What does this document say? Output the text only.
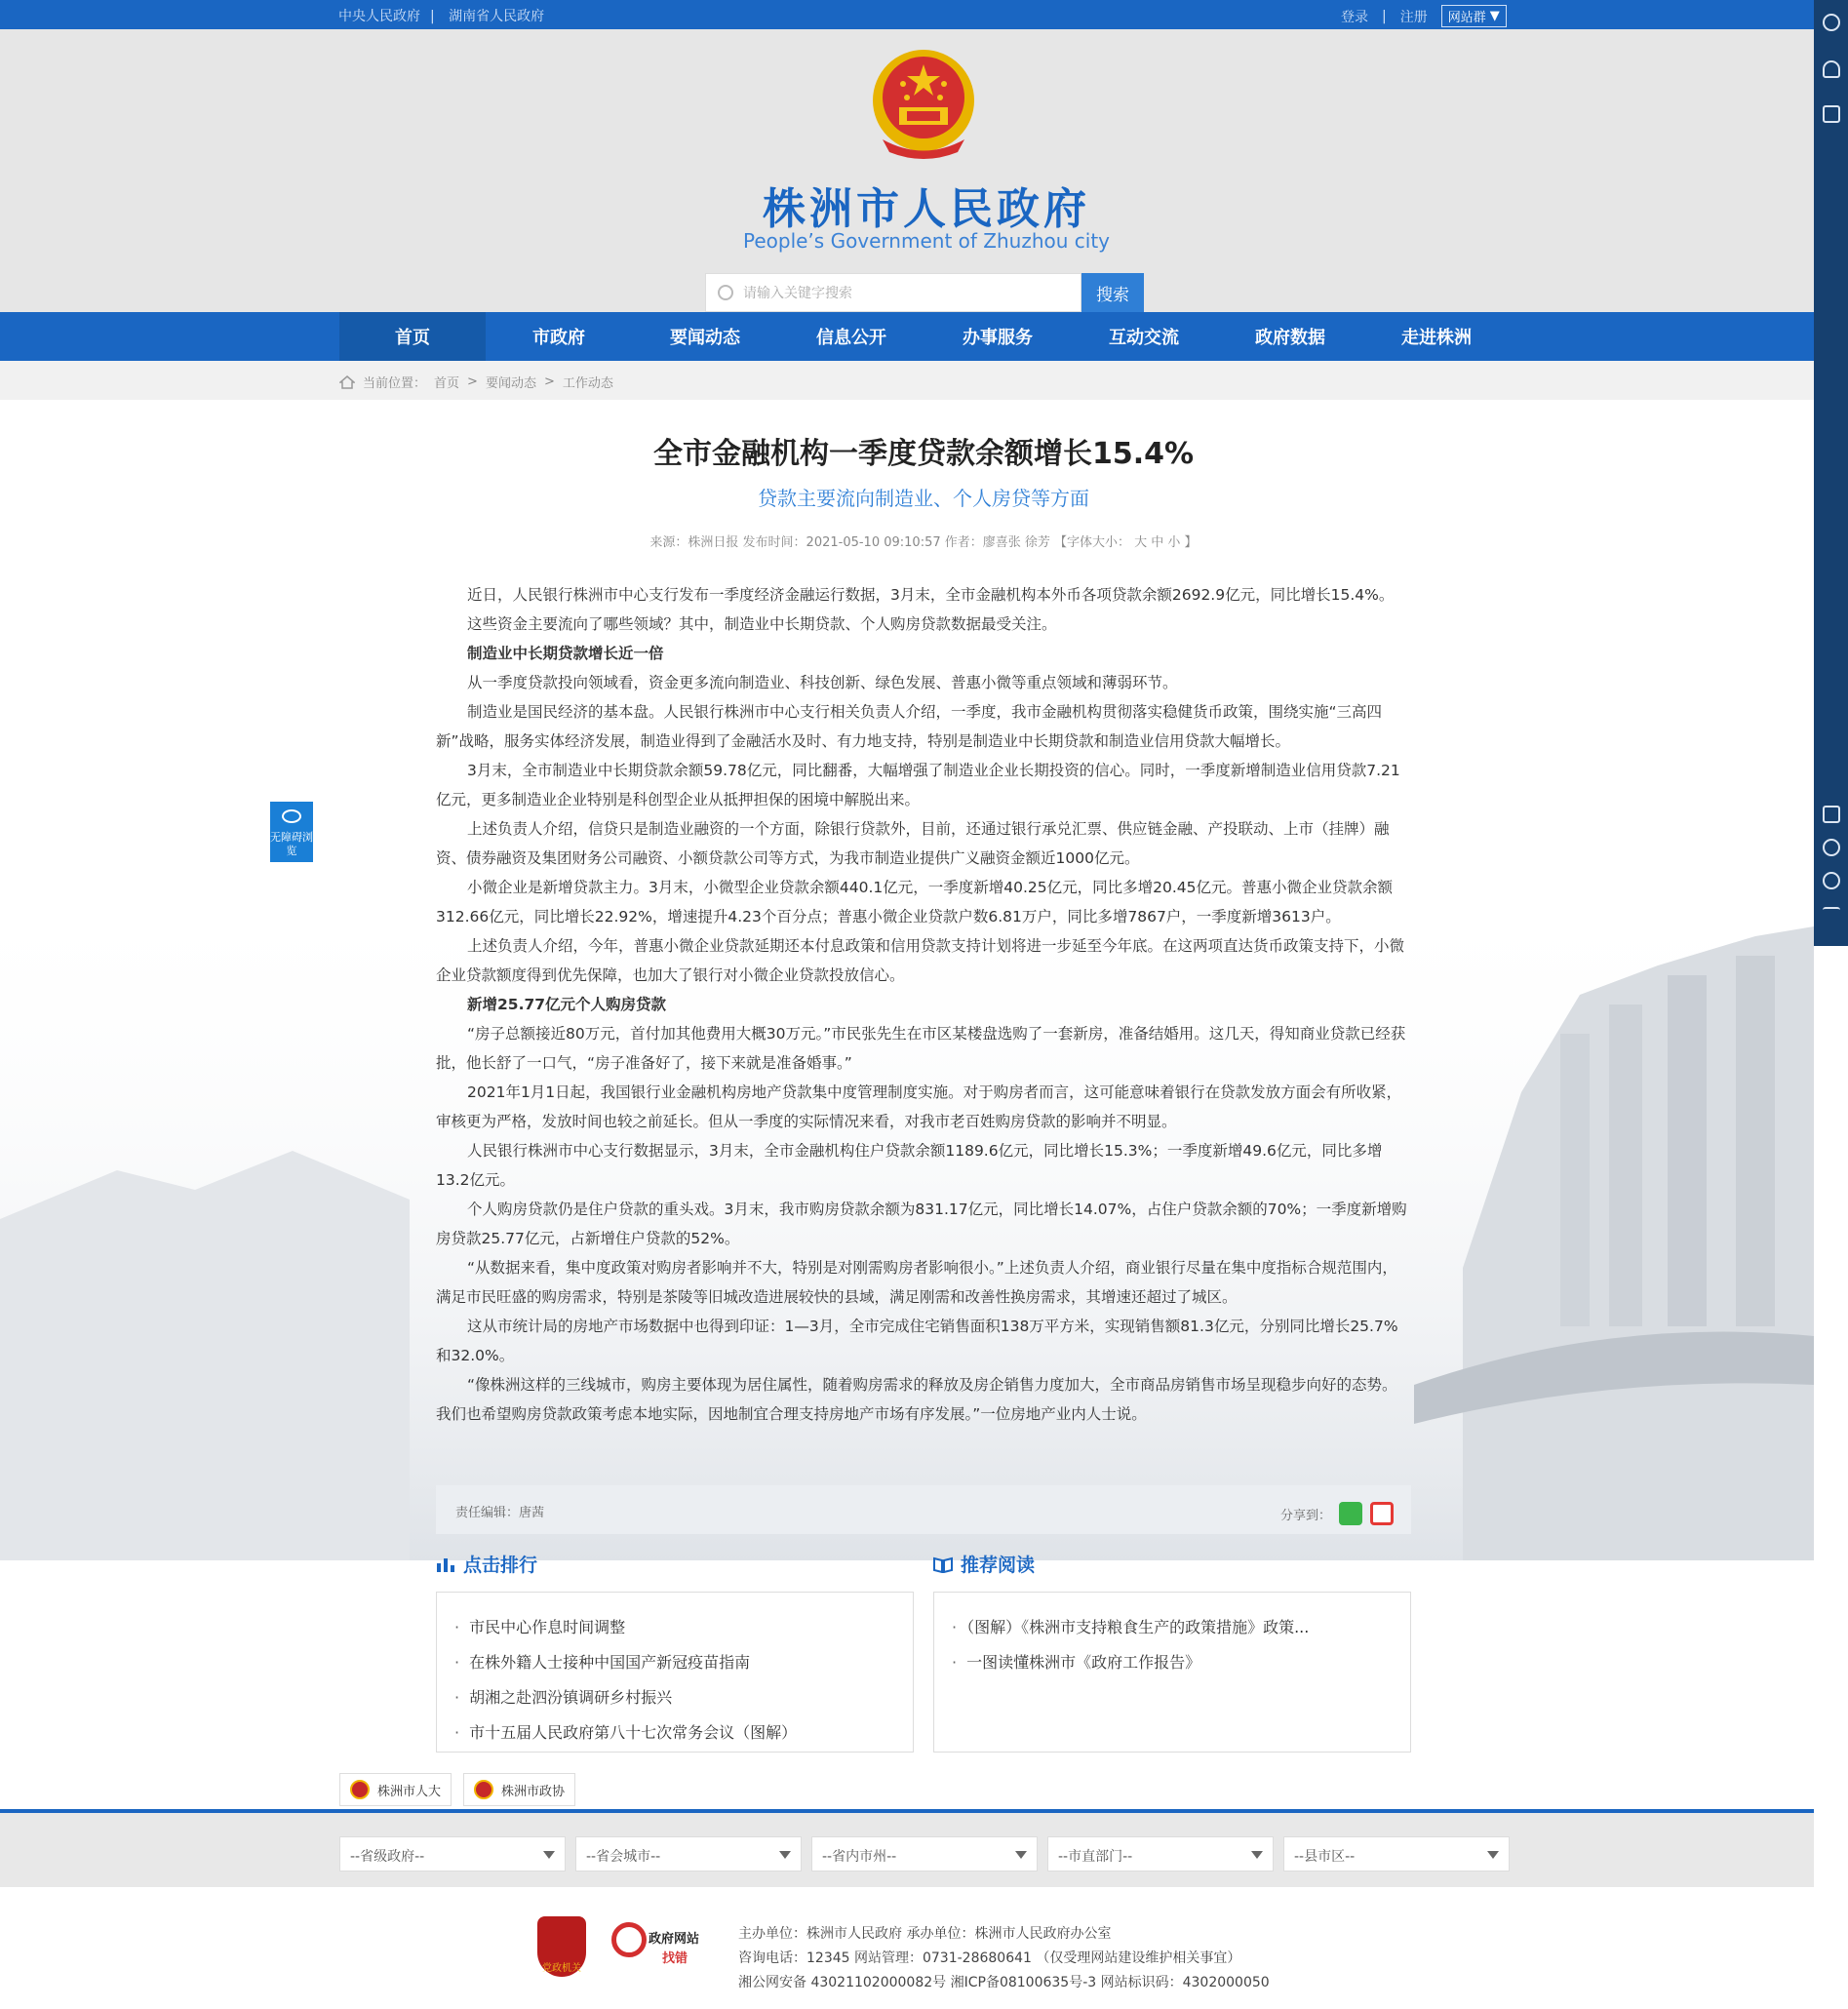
中央人民政府 | 湖南省人民政府	登录 | 注册 网站群 ▼
株洲市人民政府
People’s Government of Zhuzhou city
请输入关键字搜索	搜索
首页	市政府	要闻动态	信息公开	办事服务	互动交流	政府数据	走进株洲
当前位置： 首页 > 要闻动态 > 工作动态
无障碍浏览
全市金融机构一季度贷款余额增长15.4%
贷款主要流向制造业、个人房贷等方面
来源：株洲日报 发布时间：2021-05-10 09:10:57 作者：廖喜张 徐芳 【字体大小： 大 中 小 】

近日，人民银行株洲市中心支行发布一季度经济金融运行数据，3月末，全市金融机构本外币各项贷款余额2692.9亿元，同比增长15.4%。

这些资金主要流向了哪些领域？其中，制造业中长期贷款、个人购房贷款数据最受关注。

制造业中长期贷款增长近一倍

从一季度贷款投向领域看，资金更多流向制造业、科技创新、绿色发展、普惠小微等重点领域和薄弱环节。

制造业是国民经济的基本盘。人民银行株洲市中心支行相关负责人介绍，一季度，我市金融机构贯彻落实稳健货币政策，围绕实施“三高四新”战略，服务实体经济发展，制造业得到了金融活水及时、有力地支持，特别是制造业中长期贷款和制造业信用贷款大幅增长。

3月末，全市制造业中长期贷款余额59.78亿元，同比翻番，大幅增强了制造业企业长期投资的信心。同时，一季度新增制造业信用贷款7.21亿元，更多制造业企业特别是科创型企业从抵押担保的困境中解脱出来。

上述负责人介绍，信贷只是制造业融资的一个方面，除银行贷款外，目前，还通过银行承兑汇票、供应链金融、产投联动、上市（挂牌）融资、债券融资及集团财务公司融资、小额贷款公司等方式，为我市制造业提供广义融资金额近1000亿元。

小微企业是新增贷款主力。3月末，小微型企业贷款余额440.1亿元，一季度新增40.25亿元，同比多增20.45亿元。普惠小微企业贷款余额312.66亿元，同比增长22.92%，增速提升4.23个百分点；普惠小微企业贷款户数6.81万户，同比多增7867户，一季度新增3613户。

上述负责人介绍，今年，普惠小微企业贷款延期还本付息政策和信用贷款支持计划将进一步延至今年底。在这两项直达货币政策支持下，小微企业贷款额度得到优先保障，也加大了银行对小微企业贷款投放信心。

新增25.77亿元个人购房贷款

“房子总额接近80万元，首付加其他费用大概30万元。”市民张先生在市区某楼盘选购了一套新房，准备结婚用。这几天，得知商业贷款已经获批，他长舒了一口气，“房子准备好了，接下来就是准备婚事。”

2021年1月1日起，我国银行业金融机构房地产贷款集中度管理制度实施。对于购房者而言，这可能意味着银行在贷款发放方面会有所收紧，审核更为严格，发放时间也较之前延长。但从一季度的实际情况来看，对我市老百姓购房贷款的影响并不明显。

人民银行株洲市中心支行数据显示，3月末，全市金融机构住户贷款余额1189.6亿元，同比增长15.3%；一季度新增49.6亿元，同比多增13.2亿元。

个人购房贷款仍是住户贷款的重头戏。3月末，我市购房贷款余额为831.17亿元，同比增长14.07%，占住户贷款余额的70%；一季度新增购房贷款25.77亿元，占新增住户贷款的52%。

“从数据来看，集中度政策对购房者影响并不大，特别是对刚需购房者影响很小。”上述负责人介绍，商业银行尽量在集中度指标合规范围内，满足市民旺盛的购房需求，特别是茶陵等旧城改造进展较快的县域，满足刚需和改善性换房需求，其增速还超过了城区。

这从市统计局的房地产市场数据中也得到印证：1—3月，全市完成住宅销售面积138万平方米，实现销售额81.3亿元，分别同比增长25.7%和32.0%。

“像株洲这样的三线城市，购房主要体现为居住属性，随着购房需求的释放及房企销售力度加大，全市商品房销售市场呈现稳步向好的态势。我们也希望购房贷款政策考虑本地实际，因地制宜合理支持房地产市场有序发展。”一位房地产业内人士说。

责任编辑：唐茜	分享到：
点击排行	推荐阅读
· 市民中心作息时间调整
· 在株外籍人士接种中国国产新冠疫苗指南
· 胡湘之赴泗汾镇调研乡村振兴
· 市十五届人民政府第八十七次常务会议（图解）
· （图解）《株洲市支持粮食生产的政策措施》政策...
· 一图读懂株洲市《政府工作报告》
株洲市人大	株洲市政协
--省级政府--	--省会城市--	--省内市州--	--市直部门--	--县市区--
党政机关
政府网站
找错
主办单位：株洲市人民政府 承办单位：株洲市人民政府办公室
咨询电话：12345 网站管理：0731-28680641 （仅受理网站建设维护相关事宜）
湘公网安备 43021102000082号 湘ICP备08100635号-3 网站标识码：4302000050
